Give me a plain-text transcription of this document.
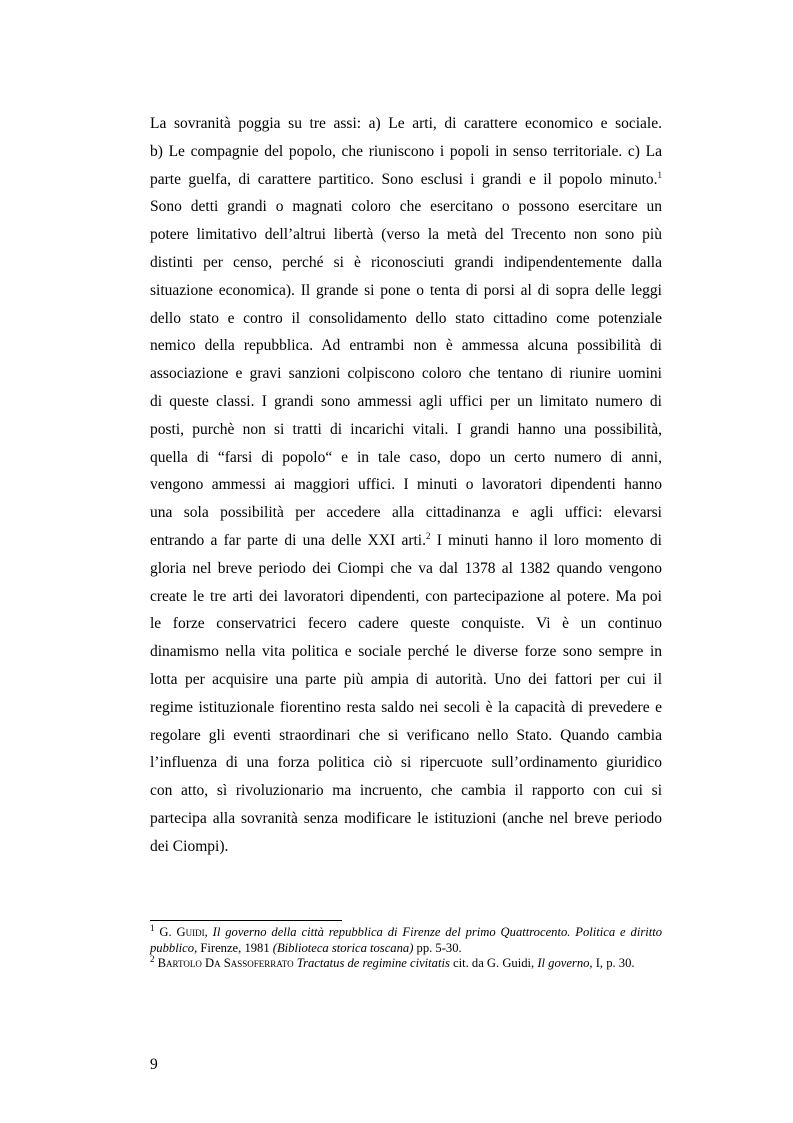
La sovranità poggia su tre assi: a) Le arti, di carattere economico e sociale.
b) Le compagnie del popolo, che riuniscono i popoli in senso territoriale. c) La
parte guelfa, di carattere partitico. Sono esclusi i grandi e il popolo minuto.$^1$
Sono detti grandi o magnati coloro che esercitano o possono esercitare un
potere limitativo dell’altrui libertà (verso la metà del Trecento non sono più
distinti per censo, perché si è riconosciuti grandi indipendentemente dalla
situazione economica). Il grande si pone o tenta di porsi al di sopra delle leggi
dello stato e contro il consolidamento dello stato cittadino come potenziale
nemico della repubblica. Ad entrambi non è ammessa alcuna possibilità di
associazione e gravi sanzioni colpiscono coloro che tentano di riunire uomini
di queste classi. I grandi sono ammessi agli uffici per un limitato numero di
posti, purchè non si tratti di incarichi vitali. I grandi hanno una possibilità,
quella di “farsi di popolo“ e in tale caso, dopo un certo numero di anni,
vengono ammessi ai maggiori uffici. I minuti o lavoratori dipendenti hanno
una sola possibilità per accedere alla cittadinanza e agli uffici: elevarsi
entrando a far parte di una delle XXI arti.$^2$ I minuti hanno il loro momento di
gloria nel breve periodo dei Ciompi che va dal 1378 al 1382 quando vengono
create le tre arti dei lavoratori dipendenti, con partecipazione al potere. Ma poi
le forze conservatrici fecero cadere queste conquiste. Vi è un continuo
dinamismo nella vita politica e sociale perché le diverse forze sono sempre in
lotta per acquisire una parte più ampia di autorità. Uno dei fattori per cui il
regime istituzionale fiorentino resta saldo nei secoli è la capacità di prevedere e
regolare gli eventi straordinari che si verificano nello Stato. Quando cambia
l’influenza di una forza politica ciò si ripercuote sull’ordinamento giuridico
con atto, sì rivoluzionario ma incruento, che cambia il rapporto con cui si
partecipa alla sovranità senza modificare le istituzioni (anche nel breve periodo
dei Ciompi).

$^1$ G. Guidi, Il governo della città repubblica di Firenze del primo Quattrocento. Politica e diritto pubblico, Firenze, 1981 (Biblioteca storica toscana) pp. 5-30.

$^2$ Bartolo Da Sassoferrato Tractatus de regimine civitatis cit. da G. Guidi, Il governo, I, p. 30.

9
